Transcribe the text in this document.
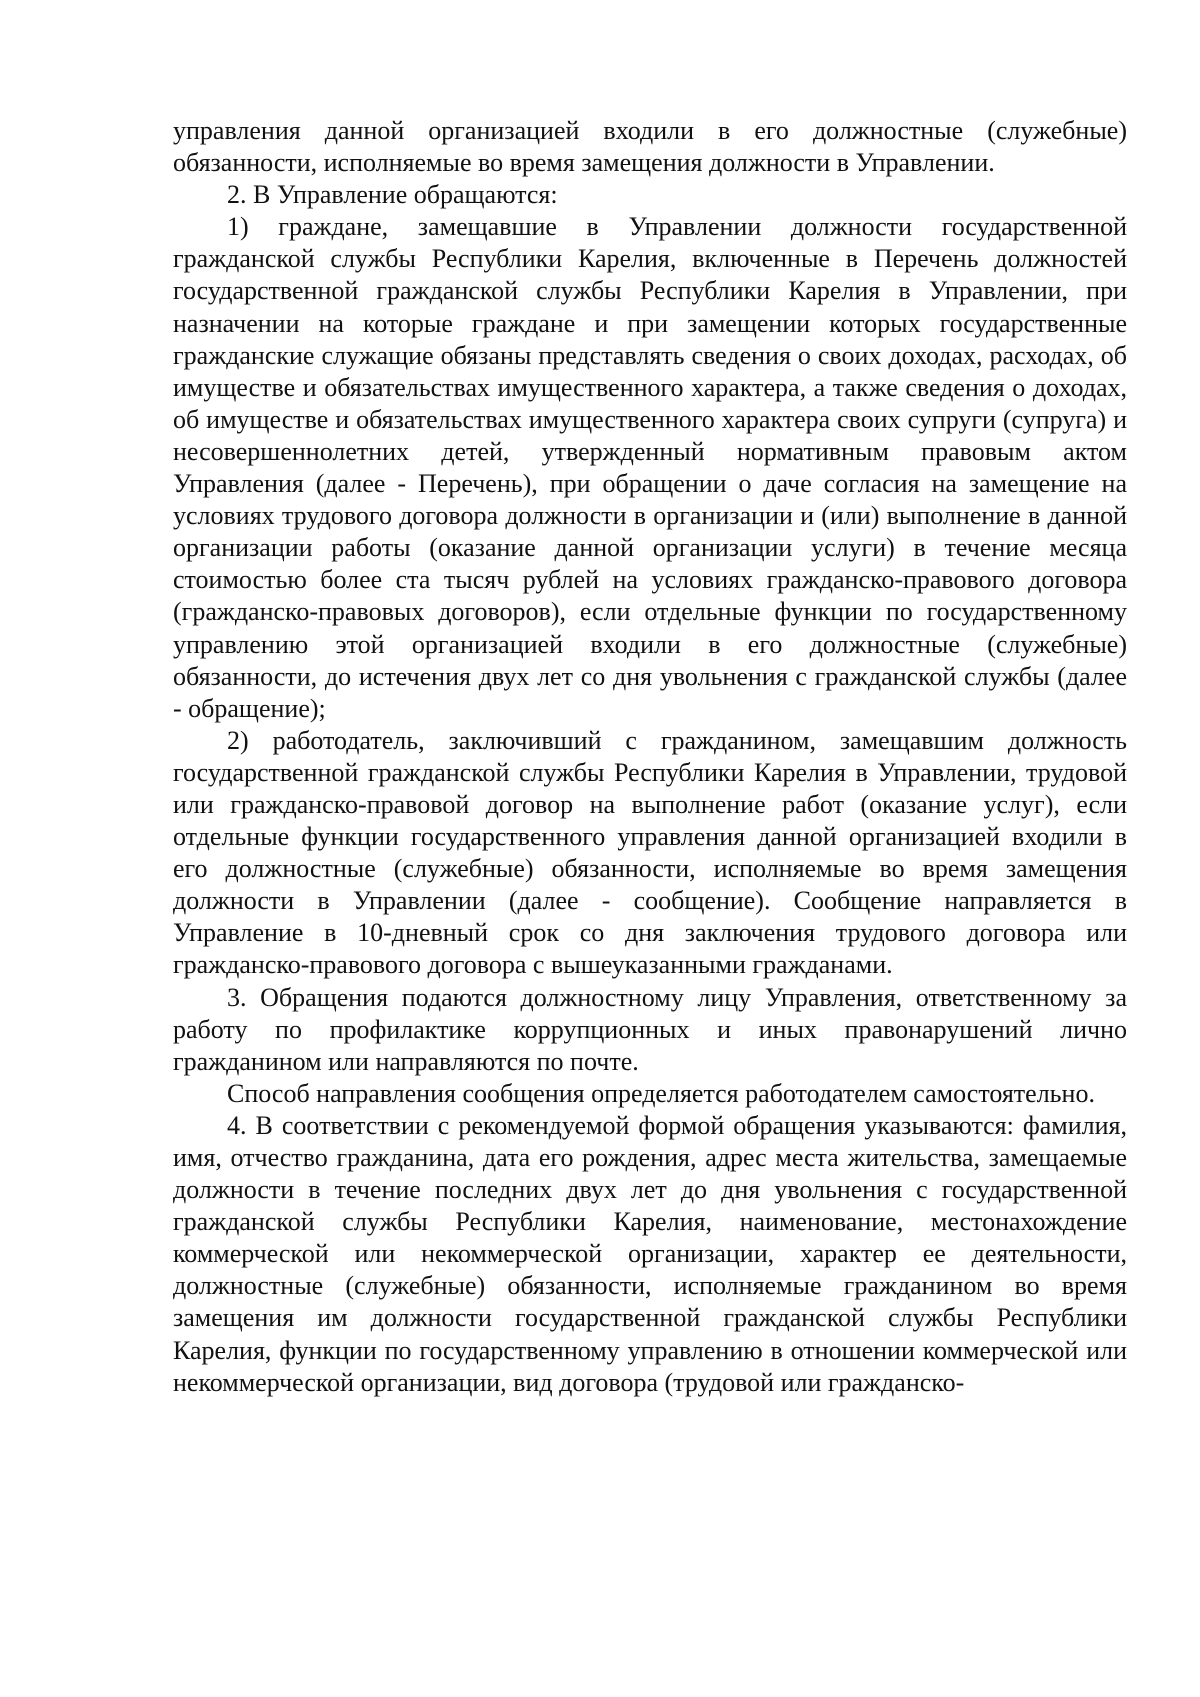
управления данной организацией входили в его должностные (служебные) обязанности, исполняемые во время замещения должности в Управлении.

2. В Управление обращаются:

1) граждане, замещавшие в Управлении должности государственной гражданской службы Республики Карелия, включенные в Перечень должностей государственной гражданской службы Республики Карелия в Управлении, при назначении на которые граждане и при замещении которых государственные гражданские служащие обязаны представлять сведения о своих доходах, расходах, об имуществе и обязательствах имущественного характера, а также сведения о доходах, об имуществе и обязательствах имущественного характера своих супруги (супруга) и несовершеннолетних детей, утвержденный нормативным правовым актом Управления (далее - Перечень), при обращении о даче согласия на замещение на условиях трудового договора должности в организации и (или) выполнение в данной организации работы (оказание данной организации услуги) в течение месяца стоимостью более ста тысяч рублей на условиях гражданско-правового договора (гражданско-правовых договоров), если отдельные функции по государственному управлению этой организацией входили в его должностные (служебные) обязанности, до истечения двух лет со дня увольнения с гражданской службы (далее - обращение);

2) работодатель, заключивший с гражданином, замещавшим должность государственной гражданской службы Республики Карелия в Управлении, трудовой или гражданско-правовой договор на выполнение работ (оказание услуг), если отдельные функции государственного управления данной организацией входили в его должностные (служебные) обязанности, исполняемые во время замещения должности в Управлении (далее - сообщение). Сообщение направляется в Управление в 10-дневный срок со дня заключения трудового договора или гражданско-правового договора с вышеуказанными гражданами.

3. Обращения подаются должностному лицу Управления, ответственному за работу по профилактике коррупционных и иных правонарушений лично гражданином или направляются по почте.

Способ направления сообщения определяется работодателем самостоятельно.

4. В соответствии с рекомендуемой формой обращения указываются: фамилия, имя, отчество гражданина, дата его рождения, адрес места жительства, замещаемые должности в течение последних двух лет до дня увольнения с государственной гражданской службы Республики Карелия, наименование, местонахождение коммерческой или некоммерческой организации, характер ее деятельности, должностные (служебные) обязанности, исполняемые гражданином во время замещения им должности государственной гражданской службы Республики Карелия, функции по государственному управлению в отношении коммерческой или некоммерческой организации, вид договора (трудовой или гражданско-
